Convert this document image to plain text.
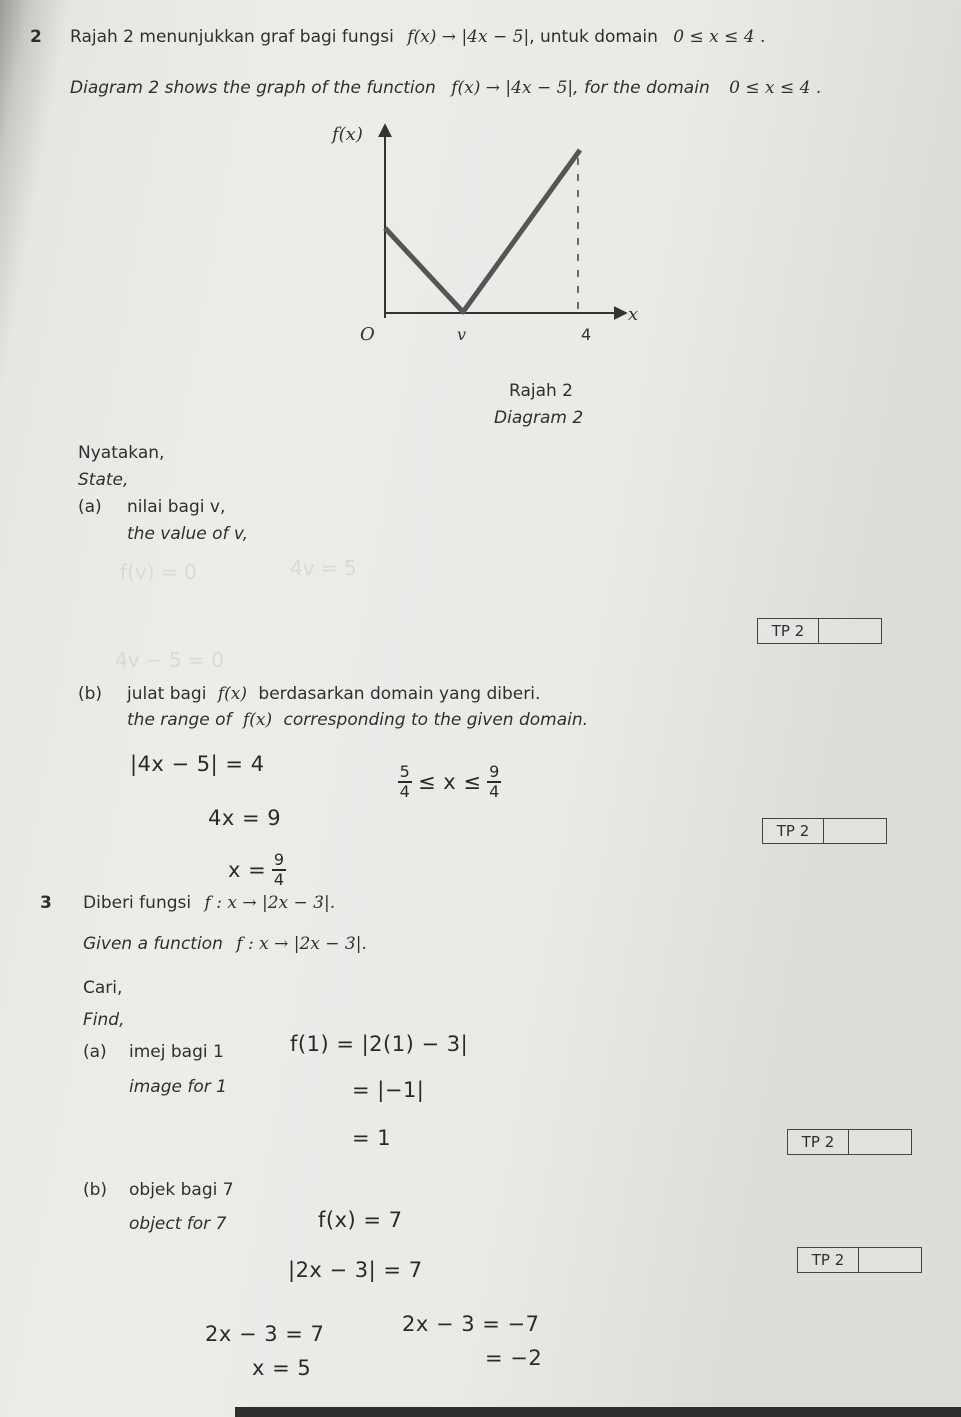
2 Rajah 2 menunjukkan graf bagi fungsi f(x) → |4x − 5|, untuk domain 0 ≤ x ≤ 4 .
Diagram 2 shows the graph of the function f(x) → |4x − 5|, for the domain 0 ≤ x ≤ 4 .
f(x)
x
O	v	4
Rajah 2
Diagram 2
Nyatakan,
State,
(a) nilai bagi v,
the value of v,
f(v) = 0	4v = 5
4v − 5 = 0
TP 2
(b) julat bagi f(x) berdasarkan domain yang diberi.
the range of f(x) corresponding to the given domain.
|4x − 5| = 4
4x = 9
$x = \frac{9}{4}$
$\frac{5}{4} \le x \le \frac{9}{4}$
TP 2
3 Diberi fungsi f : x → |2x − 3|.
Given a function f : x → |2x − 3|.
Cari,
Find,
(a) imej bagi 1
image for 1
f(1) = |2(1) − 3|
= |−1|
= 1	TP 2
(b) objek bagi 7
object for 7	f(x) = 7
|2x − 3| = 7
2x − 3 = 7
x = 5
2x − 3 = −7
= −2
TP 2
